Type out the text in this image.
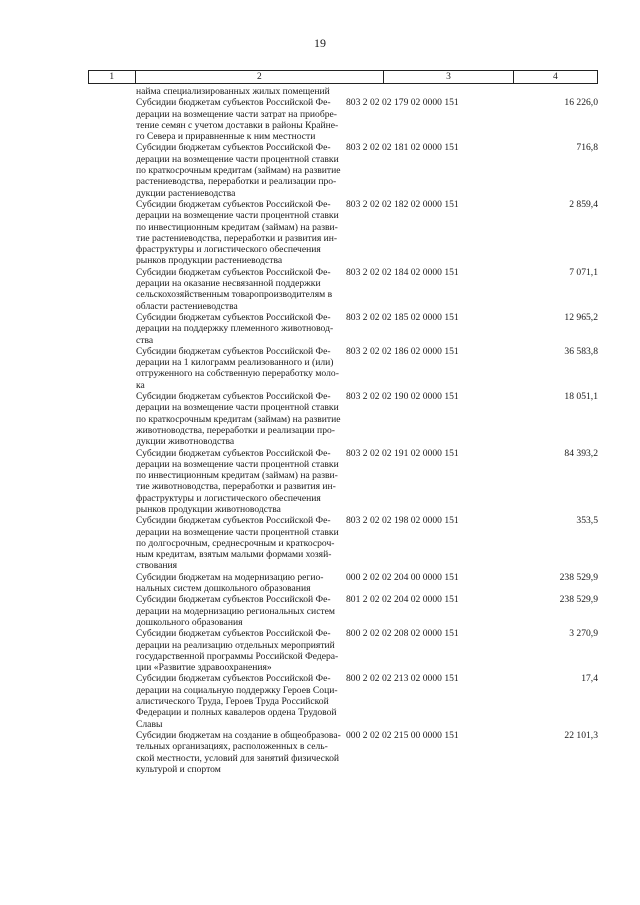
19
1	2	3	4
найма специализированных жилых помещений
Субсидии бюджетам субъектов Российской Фе-
дерации на возмещение части затрат на приобре-
тение семян с учетом доставки в районы Крайне-
го Севера и приравненные к ним местности
803 2 02 02 179 02 0000 151	16 226,0
Субсидии бюджетам субъектов Российской Фе-
дерации на возмещение части процентной ставки
по краткосрочным кредитам (займам) на развитие
растениеводства, переработки и реализации про-
дукции растениеводства
803 2 02 02 181 02 0000 151	716,8
Субсидии бюджетам субъектов Российской Фе-
дерации на возмещение части процентной ставки
по инвестиционным кредитам (займам) на разви-
тие растениеводства, переработки и развития ин-
фраструктуры и логистического обеспечения
рынков продукции растениеводства
803 2 02 02 182 02 0000 151	2 859,4
Субсидии бюджетам субъектов Российской Фе-
дерации на оказание несвязанной поддержки
сельскохозяйственным товаропроизводителям в
области растениеводства
803 2 02 02 184 02 0000 151	7 071,1
Субсидии бюджетам субъектов Российской Фе-
дерации на поддержку племенного животновод-
ства
803 2 02 02 185 02 0000 151	12 965,2
Субсидии бюджетам субъектов Российской Фе-
дерации на 1 килограмм реализованного и (или)
отгруженного на собственную переработку моло-
ка
803 2 02 02 186 02 0000 151	36 583,8
Субсидии бюджетам субъектов Российской Фе-
дерации на возмещение части процентной ставки
по краткосрочным кредитам (займам) на развитие
животноводства, переработки и реализации про-
дукции животноводства
803 2 02 02 190 02 0000 151	18 051,1
Субсидии бюджетам субъектов Российской Фе-
дерации на возмещение части процентной ставки
по инвестиционным кредитам (займам) на разви-
тие животноводства, переработки и развития ин-
фраструктуры и логистического обеспечения
рынков продукции животноводства
803 2 02 02 191 02 0000 151	84 393,2
Субсидии бюджетам субъектов Российской Фе-
дерации на возмещение части процентной ставки
по долгосрочным, среднесрочным и краткосроч-
ным кредитам, взятым малыми формами хозяй-
ствования
803 2 02 02 198 02 0000 151	353,5
Субсидии бюджетам на модернизацию регио-
нальных систем дошкольного образования
000 2 02 02 204 00 0000 151	238 529,9
Субсидии бюджетам субъектов Российской Фе-
дерации на модернизацию региональных систем
дошкольного образования
801 2 02 02 204 02 0000 151	238 529,9
Субсидии бюджетам субъектов Российской Фе-
дерации на реализацию отдельных мероприятий
государственной программы Российской Федера-
ции «Развитие здравоохранения»
800 2 02 02 208 02 0000 151	3 270,9
Субсидии бюджетам субъектов Российской Фе-
дерации на социальную поддержку Героев Соци-
алистического Труда, Героев Труда Российской
Федерации и полных кавалеров ордена Трудовой
Славы
800 2 02 02 213 02 0000 151	17,4
Субсидии бюджетам на создание в общеобразова-
тельных организациях, расположенных в сель-
ской местности, условий для занятий физической
культурой и спортом
000 2 02 02 215 00 0000 151	22 101,3
